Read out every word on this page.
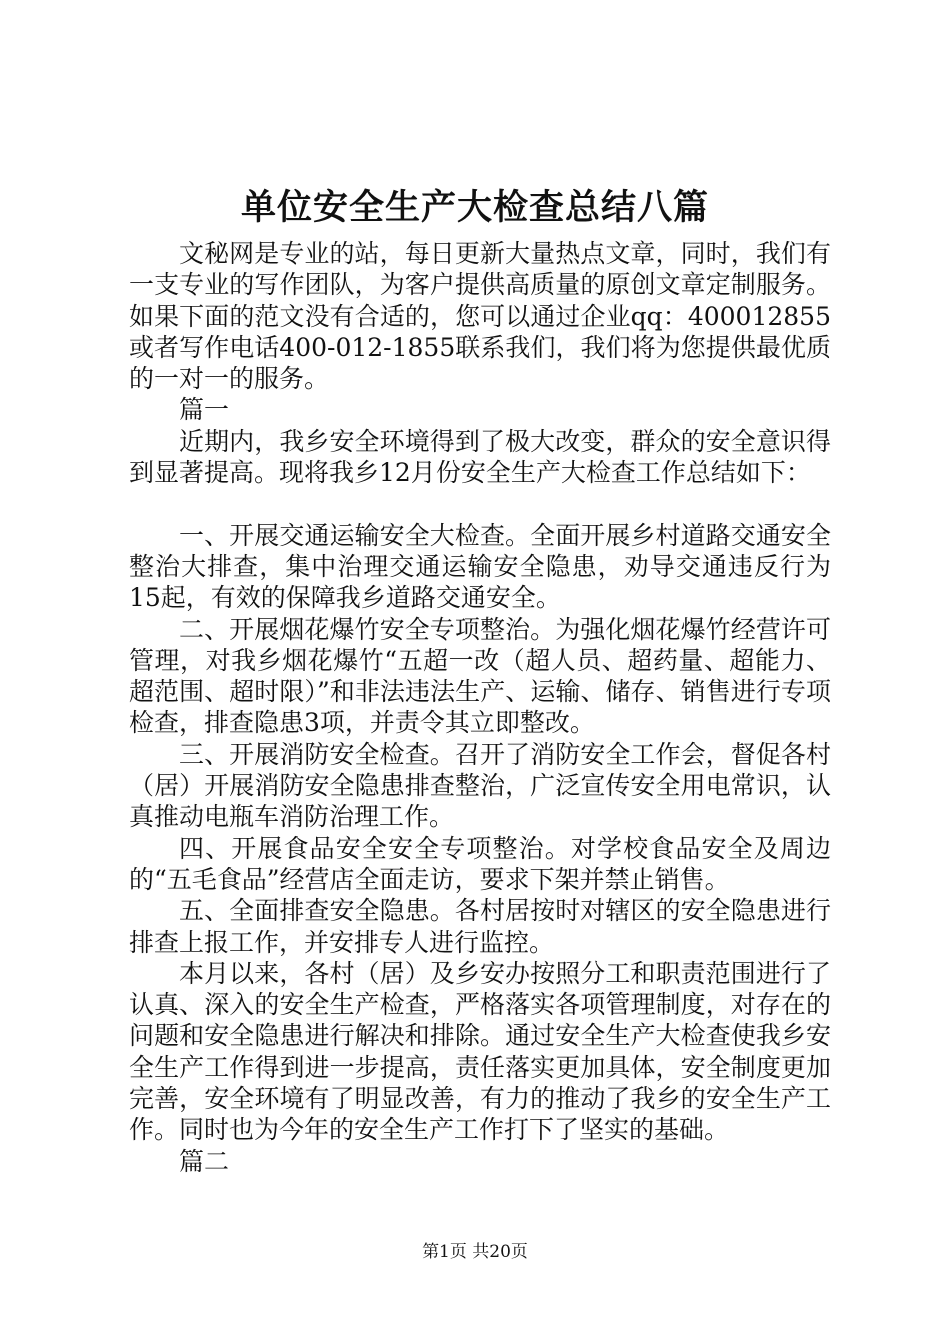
单位安全生产大检查总结八篇

文秘网是专业的站，每日更新大量热点文章，同时，我们有一支专业的写作团队，为客户提供高质量的原创文章定制服务。如果下面的范文没有合适的，您可以通过企业qq：400012855或者写作电话400-012-1855联系我们，我们将为您提供最优质的一对一的服务。

篇一

近期内，我乡安全环境得到了极大改变，群众的安全意识得到显著提高。现将我乡12月份安全生产大检查工作总结如下：

一、开展交通运输安全大检查。全面开展乡村道路交通安全整治大排查，集中治理交通运输安全隐患，劝导交通违反行为15起，有效的保障我乡道路交通安全。

二、开展烟花爆竹安全专项整治。为强化烟花爆竹经营许可管理，对我乡烟花爆竹“五超一改（超人员、超药量、超能力、超范围、超时限）”和非法违法生产、运输、储存、销售进行专项检查，排查隐患3项，并责令其立即整改。

三、开展消防安全检查。召开了消防安全工作会，督促各村（居）开展消防安全隐患排查整治，广泛宣传安全用电常识，认真推动电瓶车消防治理工作。

四、开展食品安全安全专项整治。对学校食品安全及周边的“五毛食品”经营店全面走访，要求下架并禁止销售。

五、全面排查安全隐患。各村居按时对辖区的安全隐患进行排查上报工作，并安排专人进行监控。

本月以来，各村（居）及乡安办按照分工和职责范围进行了认真、深入的安全生产检查，严格落实各项管理制度，对存在的问题和安全隐患进行解决和排除。通过安全生产大检查使我乡安全生产工作得到进一步提高，责任落实更加具体，安全制度更加完善，安全环境有了明显改善，有力的推动了我乡的安全生产工作。同时也为今年的安全生产工作打下了坚实的基础。

篇二

第1页 共20页
